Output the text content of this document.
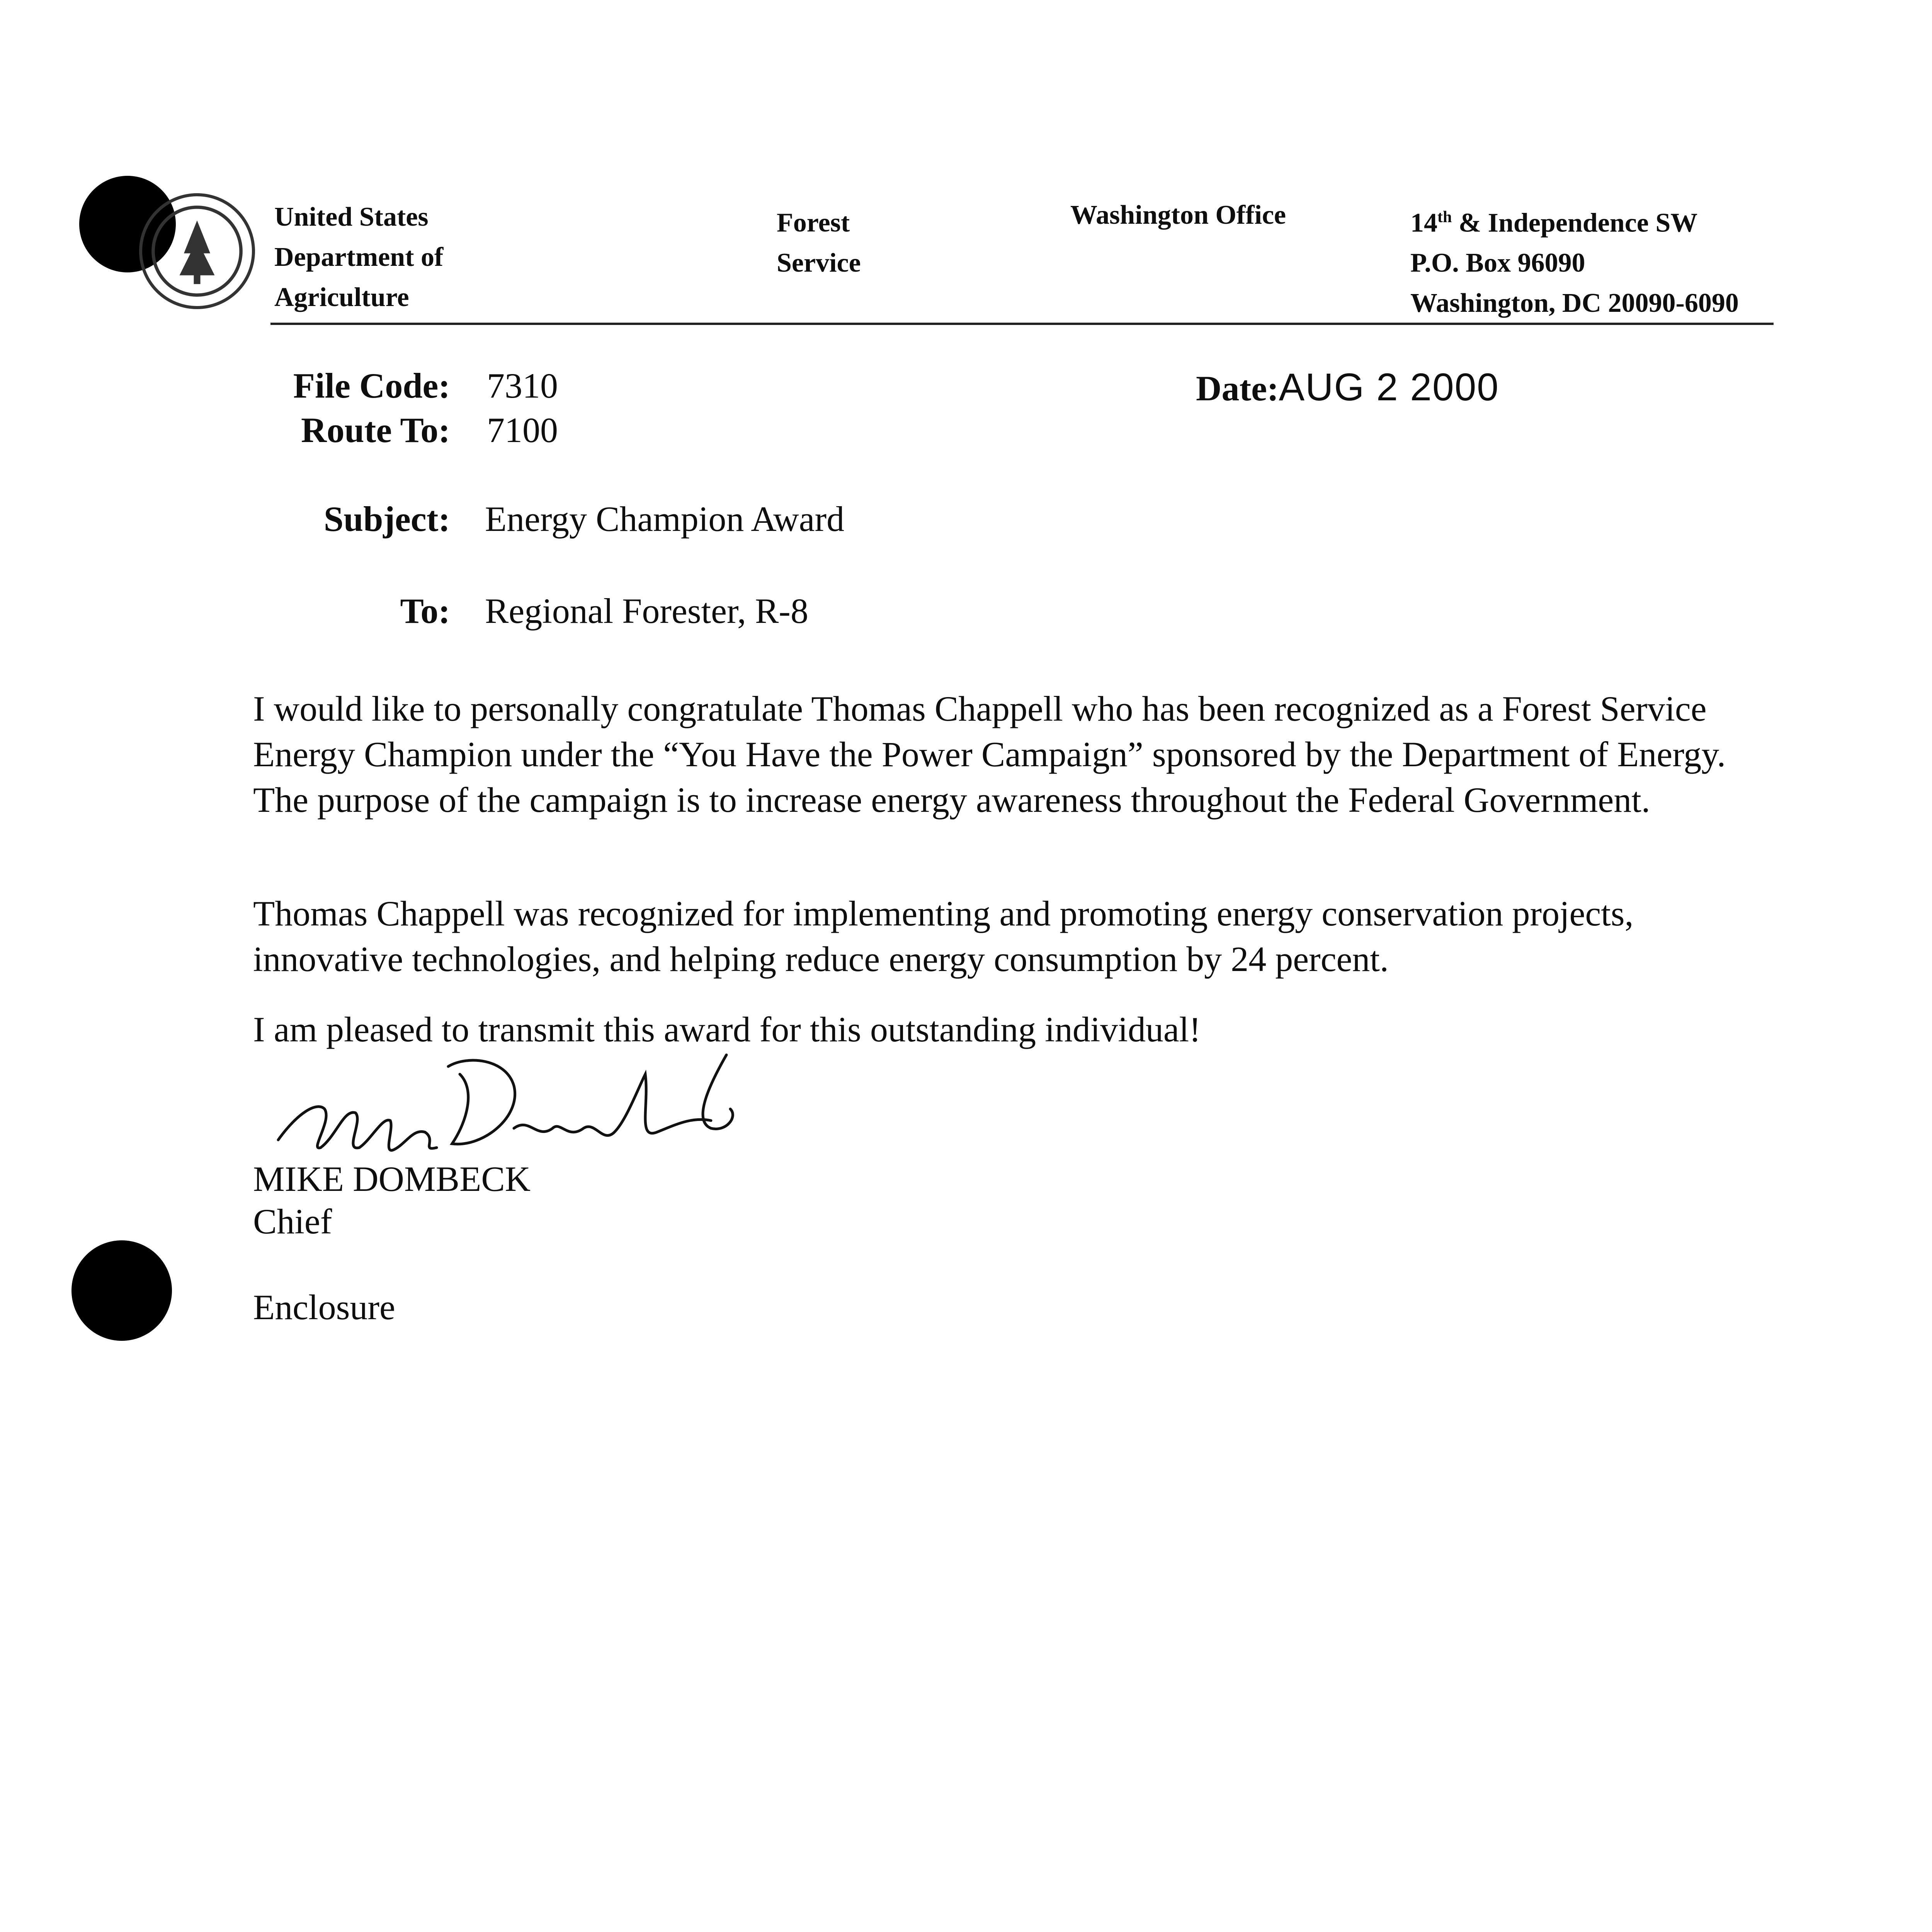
United States
Department of
Agriculture
Forest
Service
Washington Office	14th & Independence SW
P.O. Box 96090
Washington, DC 20090-6090
File Code: 7310
Route To: 7100
Date:AUG 2 2000
Subject: Energy Champion Award
To: Regional Forester, R-8
I would like to personally congratulate Thomas Chappell who has been recognized as a Forest Service Energy Champion under the “You Have the Power Campaign” sponsored by the Department of Energy. The purpose of the campaign is to increase energy awareness throughout the Federal Government.
Thomas Chappell was recognized for implementing and promoting energy conservation projects, innovative technologies, and helping reduce energy consumption by 24 percent.
I am pleased to transmit this award for this outstanding individual!
MIKE DOMBECK
Chief
Enclosure
